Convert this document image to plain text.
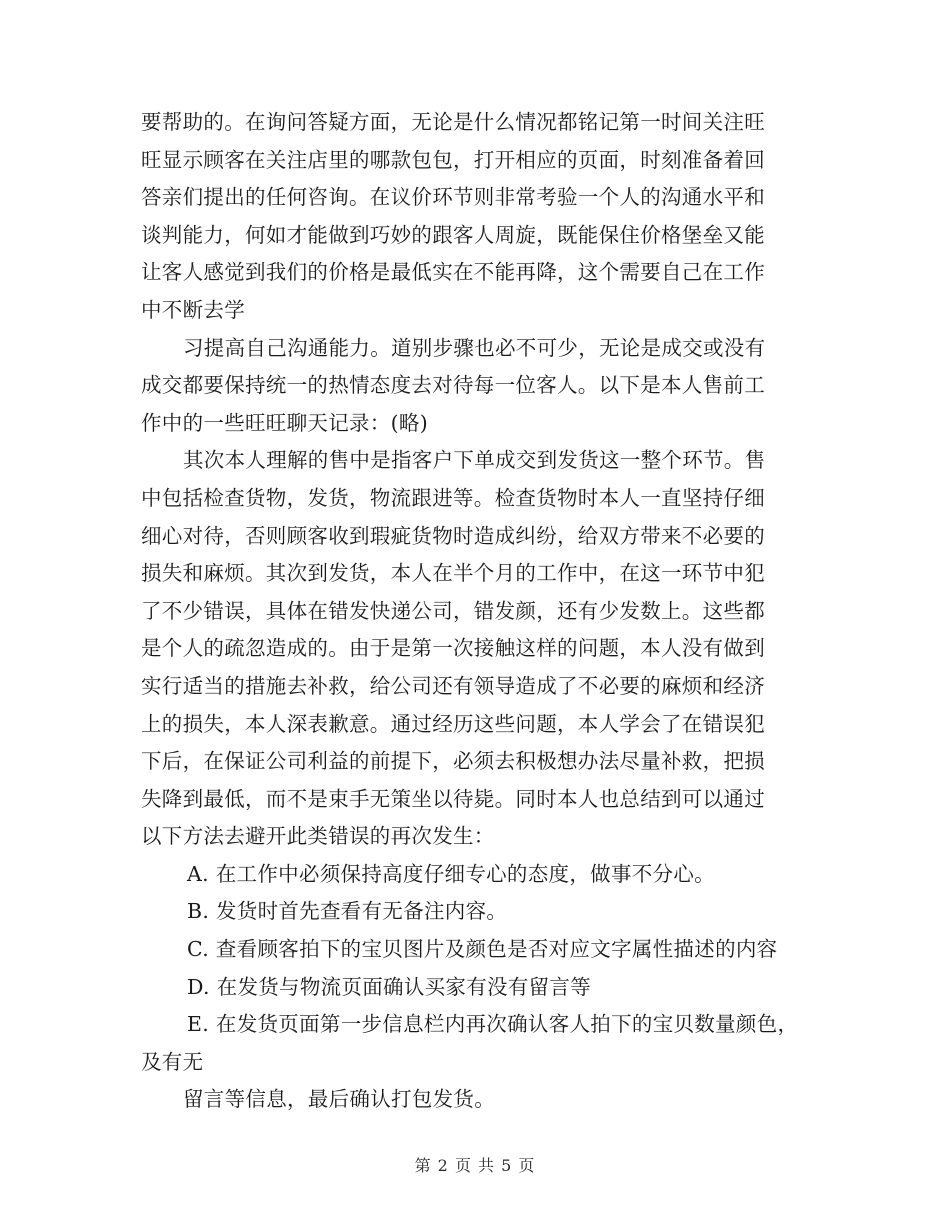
要帮助的。在询问答疑方面，无论是什么情况都铭记第一时间关注旺
旺显示顾客在关注店里的哪款包包，打开相应的页面，时刻准备着回
答亲们提出的任何咨询。在议价环节则非常考验一个人的沟通水平和
谈判能力，何如才能做到巧妙的跟客人周旋，既能保住价格堡垒又能
让客人感觉到我们的价格是最低实在不能再降，这个需要自己在工作
中不断去学
习提高自己沟通能力。道别步骤也必不可少，无论是成交或没有
成交都要保持统一的热情态度去对待每一位客人。以下是本人售前工
作中的一些旺旺聊天记录：(略)
其次本人理解的售中是指客户下单成交到发货这一整个环节。售
中包括检查货物，发货，物流跟进等。检查货物时本人一直坚持仔细
细心对待，否则顾客收到瑕疵货物时造成纠纷，给双方带来不必要的
损失和麻烦。其次到发货，本人在半个月的工作中，在这一环节中犯
了不少错误，具体在错发快递公司，错发颜，还有少发数上。这些都
是个人的疏忽造成的。由于是第一次接触这样的问题，本人没有做到
实行适当的措施去补救，给公司还有领导造成了不必要的麻烦和经济
上的损失，本人深表歉意。通过经历这些问题，本人学会了在错误犯
下后，在保证公司利益的前提下，必须去积极想办法尽量补救，把损
失降到最低，而不是束手无策坐以待毙。同时本人也总结到可以通过
以下方法去避开此类错误的再次发生：
A. 在工作中必须保持高度仔细专心的态度，做事不分心。
B. 发货时首先查看有无备注内容。
C. 查看顾客拍下的宝贝图片及颜色是否对应文字属性描述的内容
D. 在发货与物流页面确认买家有没有留言等
E. 在发货页面第一步信息栏内再次确认客人拍下的宝贝数量颜色，
及有无
留言等信息，最后确认打包发货。
第 2 页 共 5 页
